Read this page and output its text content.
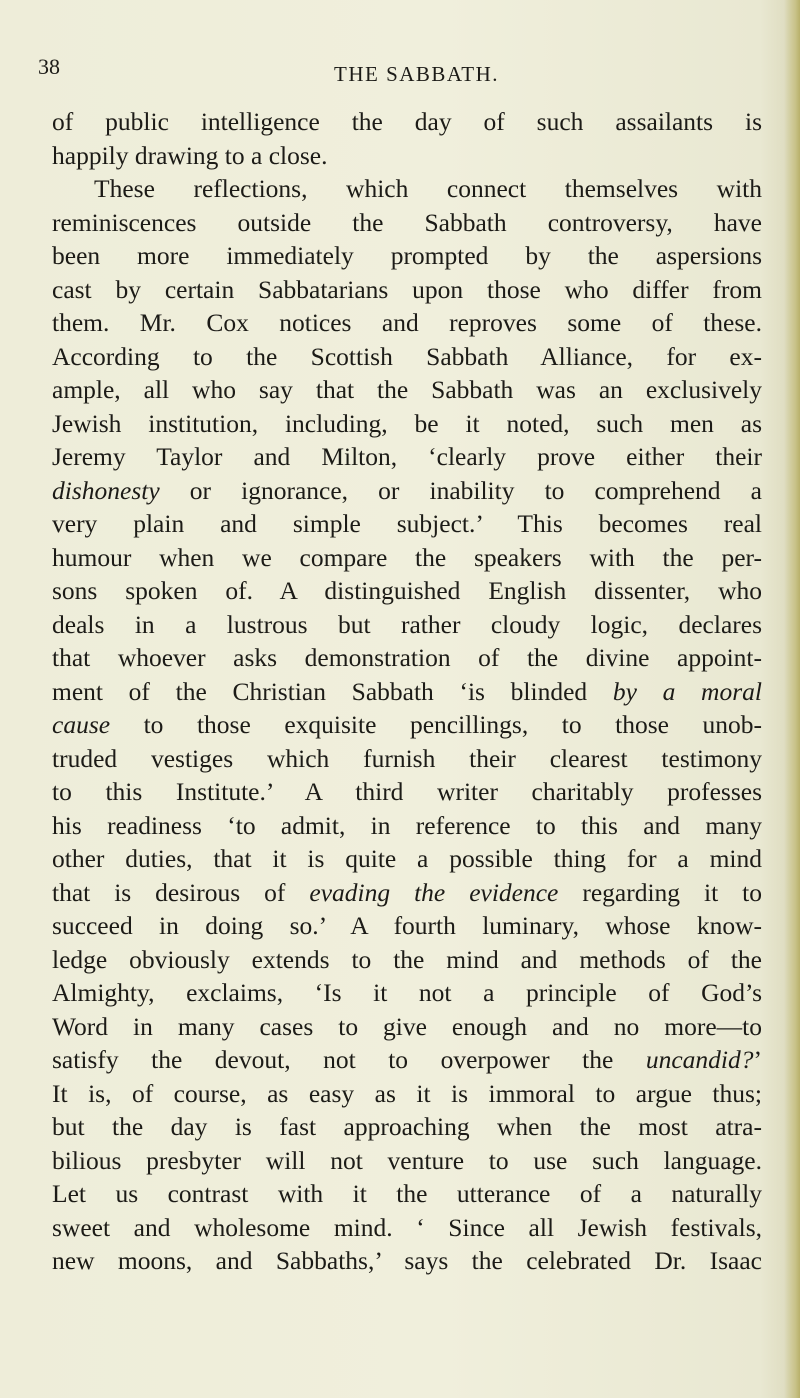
38	THE SABBATH.
of public intelligence the day of such assailants is
happily drawing to a close.
These reflections, which connect themselves with
reminiscences outside the Sabbath controversy, have
been more immediately prompted by the aspersions
cast by certain Sabbatarians upon those who differ from
them. Mr. Cox notices and reproves some of these.
According to the Scottish Sabbath Alliance, for ex-
ample, all who say that the Sabbath was an exclusively
Jewish institution, including, be it noted, such men as
Jeremy Taylor and Milton, ‘clearly prove either their
dishonesty or ignorance, or inability to comprehend a
very plain and simple subject.’ This becomes real
humour when we compare the speakers with the per-
sons spoken of. A distinguished English dissenter, who
deals in a lustrous but rather cloudy logic, declares
that whoever asks demonstration of the divine appoint-
ment of the Christian Sabbath ‘is blinded by a moral
cause to those exquisite pencillings, to those unob-
truded vestiges which furnish their clearest testimony
to this Institute.’ A third writer charitably professes
his readiness ‘to admit, in reference to this and many
other duties, that it is quite a possible thing for a mind
that is desirous of evading the evidence regarding it to
succeed in doing so.’ A fourth luminary, whose know-
ledge obviously extends to the mind and methods of the
Almighty, exclaims, ‘Is it not a principle of God’s
Word in many cases to give enough and no more—to
satisfy the devout, not to overpower the uncandid?’
It is, of course, as easy as it is immoral to argue thus;
but the day is fast approaching when the most atra-
bilious presbyter will not venture to use such language.
Let us contrast with it the utterance of a naturally
sweet and wholesome mind. ‘ Since all Jewish festivals,
new moons, and Sabbaths,’ says the celebrated Dr. Isaac
